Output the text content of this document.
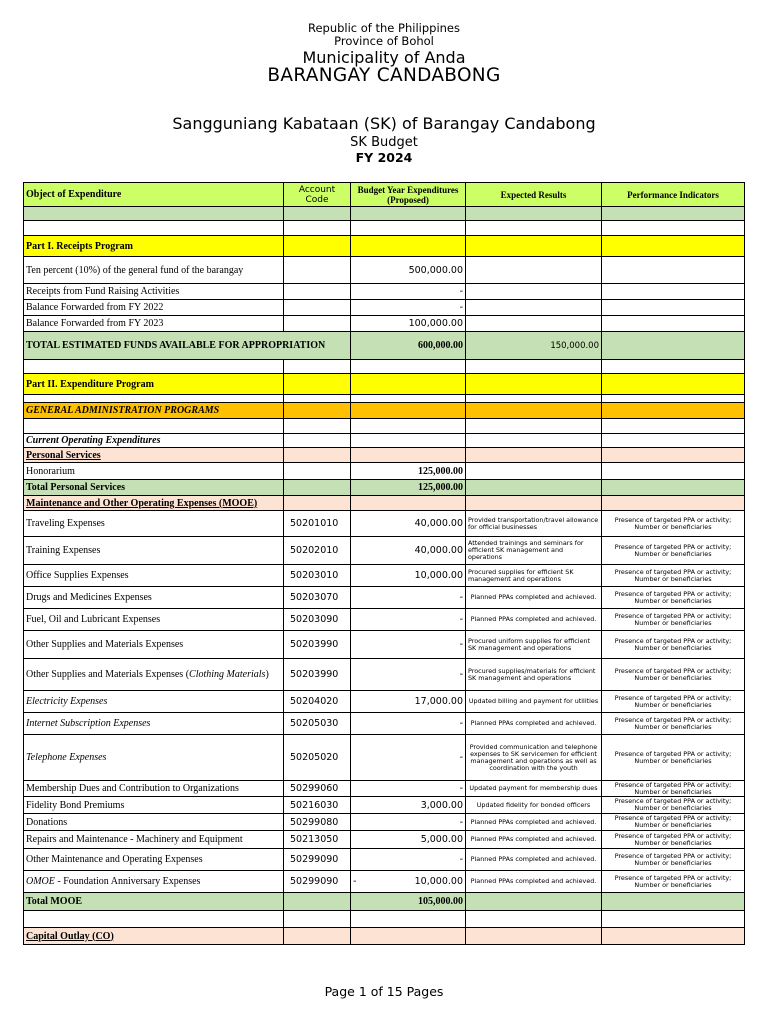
Republic of the Philippines
Province of Bohol
Municipality of Anda
BARANGAY CANDABONG
Sangguniang Kabataan (SK) of Barangay Candabong
SK Budget
FY 2024
Object of Expenditure	Account Code	Budget Year Expenditures (Proposed)	Expected Results	Performance Indicators

Part I. Receipts Program				
Ten percent (10%) of the general fund of the barangay		500,000.00		
Receipts from Fund Raising Activities		-		
Balance Forwarded from FY 2022		-		
Balance Forwarded from FY 2023		100,000.00		
TOTAL ESTIMATED FUNDS AVAILABLE FOR APPROPRIATION		600,000.00	150,000.00	

Part II. Expenditure Program				

GENERAL ADMINISTRATION PROGRAMS				

Current Operating Expenditures				
Personal Services				
Honorarium		125,000.00		
Total Personal Services		125,000.00		
Maintenance and Other Operating Expenses (MOOE)				
Traveling Expenses	50201010	40,000.00	Provided transportation/travel allowance for official businesses	Presence of targeted PPA or activity; Number or beneficiaries
Training Expenses	50202010	40,000.00	Attended trainings and seminars for efficient SK management and operations	Presence of targeted PPA or activity; Number or beneficiaries
Office Supplies Expenses	50203010	10,000.00	Procured supplies for efficient SK management and operations	Presence of targeted PPA or activity; Number or beneficiaries
Drugs and Medicines Expenses	50203070	-	Planned PPAs completed and achieved.	Presence of targeted PPA or activity; Number or beneficiaries
Fuel, Oil and Lubricant Expenses	50203090	-	Planned PPAs completed and achieved.	Presence of targeted PPA or activity; Number or beneficiaries
Other Supplies and Materials Expenses	50203990	-	Procured uniform supplies for efficient SK management and operations	Presence of targeted PPA or activity; Number or beneficiaries
Other Supplies and Materials Expenses (Clothing Materials)	50203990	-	Procured supplies/materials for efficient SK management and operations	Presence of targeted PPA or activity; Number or beneficiaries
Electricity Expenses	50204020	17,000.00	Updated billing and payment for utilities	Presence of targeted PPA or activity; Number or beneficiaries
Internet Subscription Expenses	50205030	-	Planned PPAs completed and achieved.	Presence of targeted PPA or activity; Number or beneficiaries
Telephone Expenses	50205020	-	Provided communication and telephone expenses to SK servicemen for efficient management and operations as well as coordination with the youth	Presence of targeted PPA or activity; Number or beneficiaries
Membership Dues and Contribution to Organizations	50299060	-	Updated payment for membership dues	Presence of targeted PPA or activity; Number or beneficiaries
Fidelity Bond Premiums	50216030	3,000.00	Updated fidelity for bonded officers	Presence of targeted PPA or activity; Number or beneficiaries
Donations	50299080	-	Planned PPAs completed and achieved.	Presence of targeted PPA or activity; Number or beneficiaries
Repairs and Maintenance - Machinery and Equipment	50213050	5,000.00	Planned PPAs completed and achieved.	Presence of targeted PPA or activity; Number or beneficiaries
Other Maintenance and Operating Expenses	50299090	-	Planned PPAs completed and achieved.	Presence of targeted PPA or activity; Number or beneficiaries
OMOE - Foundation Anniversary Expenses	50299090	- 10,000.00	Planned PPAs completed and achieved.	Presence of targeted PPA or activity; Number or beneficiaries
Total MOOE		105,000.00		

Capital Outlay (CO)				
Page 1 of 15 Pages
